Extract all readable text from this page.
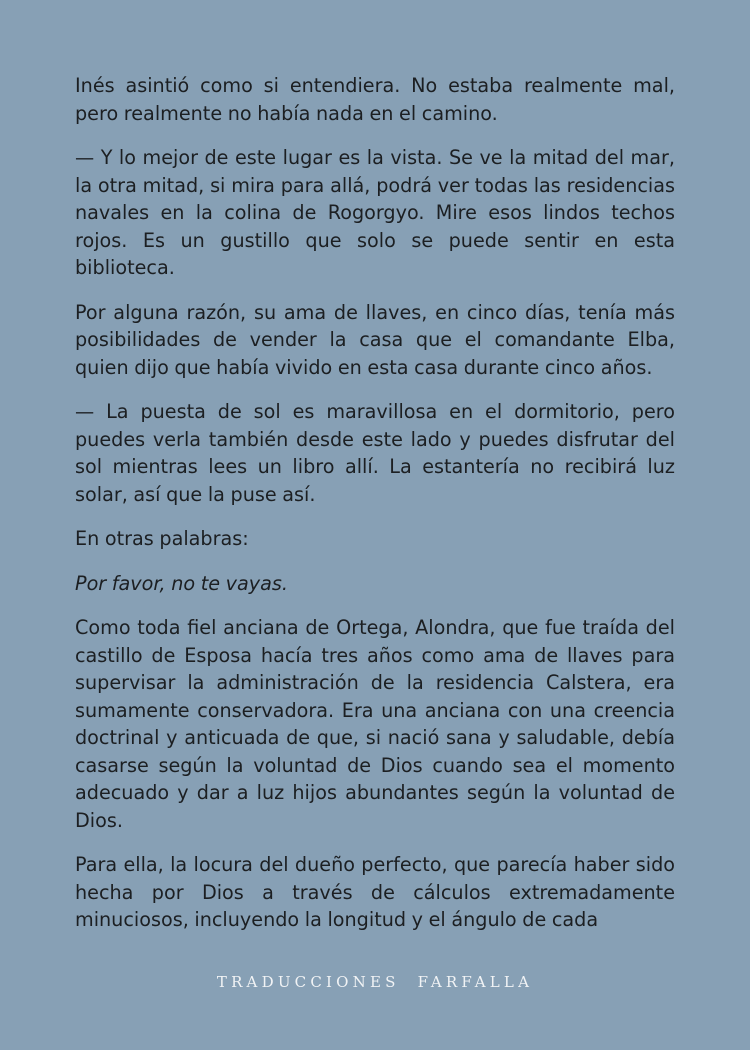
Inés asintió como si entendiera. No estaba realmente mal, pero realmente no había nada en el camino.

— Y lo mejor de este lugar es la vista. Se ve la mitad del mar, la otra mitad, si mira para allá, podrá ver todas las residencias navales en la colina de Rogorgyo. Mire esos lindos techos rojos. Es un gustillo que solo se puede sentir en esta biblioteca.

Por alguna razón, su ama de llaves, en cinco días, tenía más posibilidades de vender la casa que el comandante Elba, quien dijo que había vivido en esta casa durante cinco años.

— La puesta de sol es maravillosa en el dormitorio, pero puedes verla también desde este lado y puedes disfrutar del sol mientras lees un libro allí. La estantería no recibirá luz solar, así que la puse así.

En otras palabras:

Por favor, no te vayas.

Como toda fiel anciana de Ortega, Alondra, que fue traída del castillo de Esposa hacía tres años como ama de llaves para supervisar la administración de la residencia Calstera, era sumamente conservadora. Era una anciana con una creencia doctrinal y anticuada de que, si nació sana y saludable, debía casarse según la voluntad de Dios cuando sea el momento adecuado y dar a luz hijos abundantes según la voluntad de Dios.

Para ella, la locura del dueño perfecto, que parecía haber sido hecha por Dios a través de cálculos extremadamente minuciosos, incluyendo la longitud y el ángulo de cada

TRADUCCIONES FARFALLA
